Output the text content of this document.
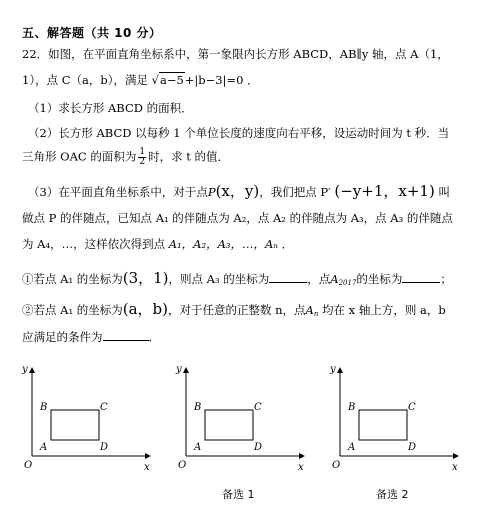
五、解答题（共 10 分）
22．如图，在平面直角坐标系中，第一象限内长方形 ABCD，AB∥y 轴，点 A（1，
1），点 C（a，b），满足 √a−5+|b−3|=0 ．
（1）求长方形 ABCD 的面积．
（2）长方形 ABCD 以每秒 1 个单位长度的速度向右平移，设运动时间为 t 秒．当
三角形 OAC 的面积为 $\frac{1}{2}$ 时，求 t 的值．
（3）在平面直角坐标系中，对于点P(x，y)，我们把点 P′ (−y+1，x+1) 叫
做点 P 的伴随点，已知点 A₁ 的伴随点为 A₂，点 A₂ 的伴随点为 A₃，点 A₃ 的伴随点
为 A₄，…，这样依次得到点 A₁，A₂，A₃，…，Aₙ ．
①若点 A₁ 的坐标为(3，1)，则点 A₃ 的坐标为	，点$A_{2017}$的坐标为	；
②若点 A₁ 的坐标为(a，b)，对于任意的正整数 n，点$A_n$ 均在 x 轴上方，则 a，b
应满足的条件为	．
y
x
O
A
B	C
D
y
x
O
A
B	C
D
y
x
O
A
B	C
D
备选 1	备选 2
